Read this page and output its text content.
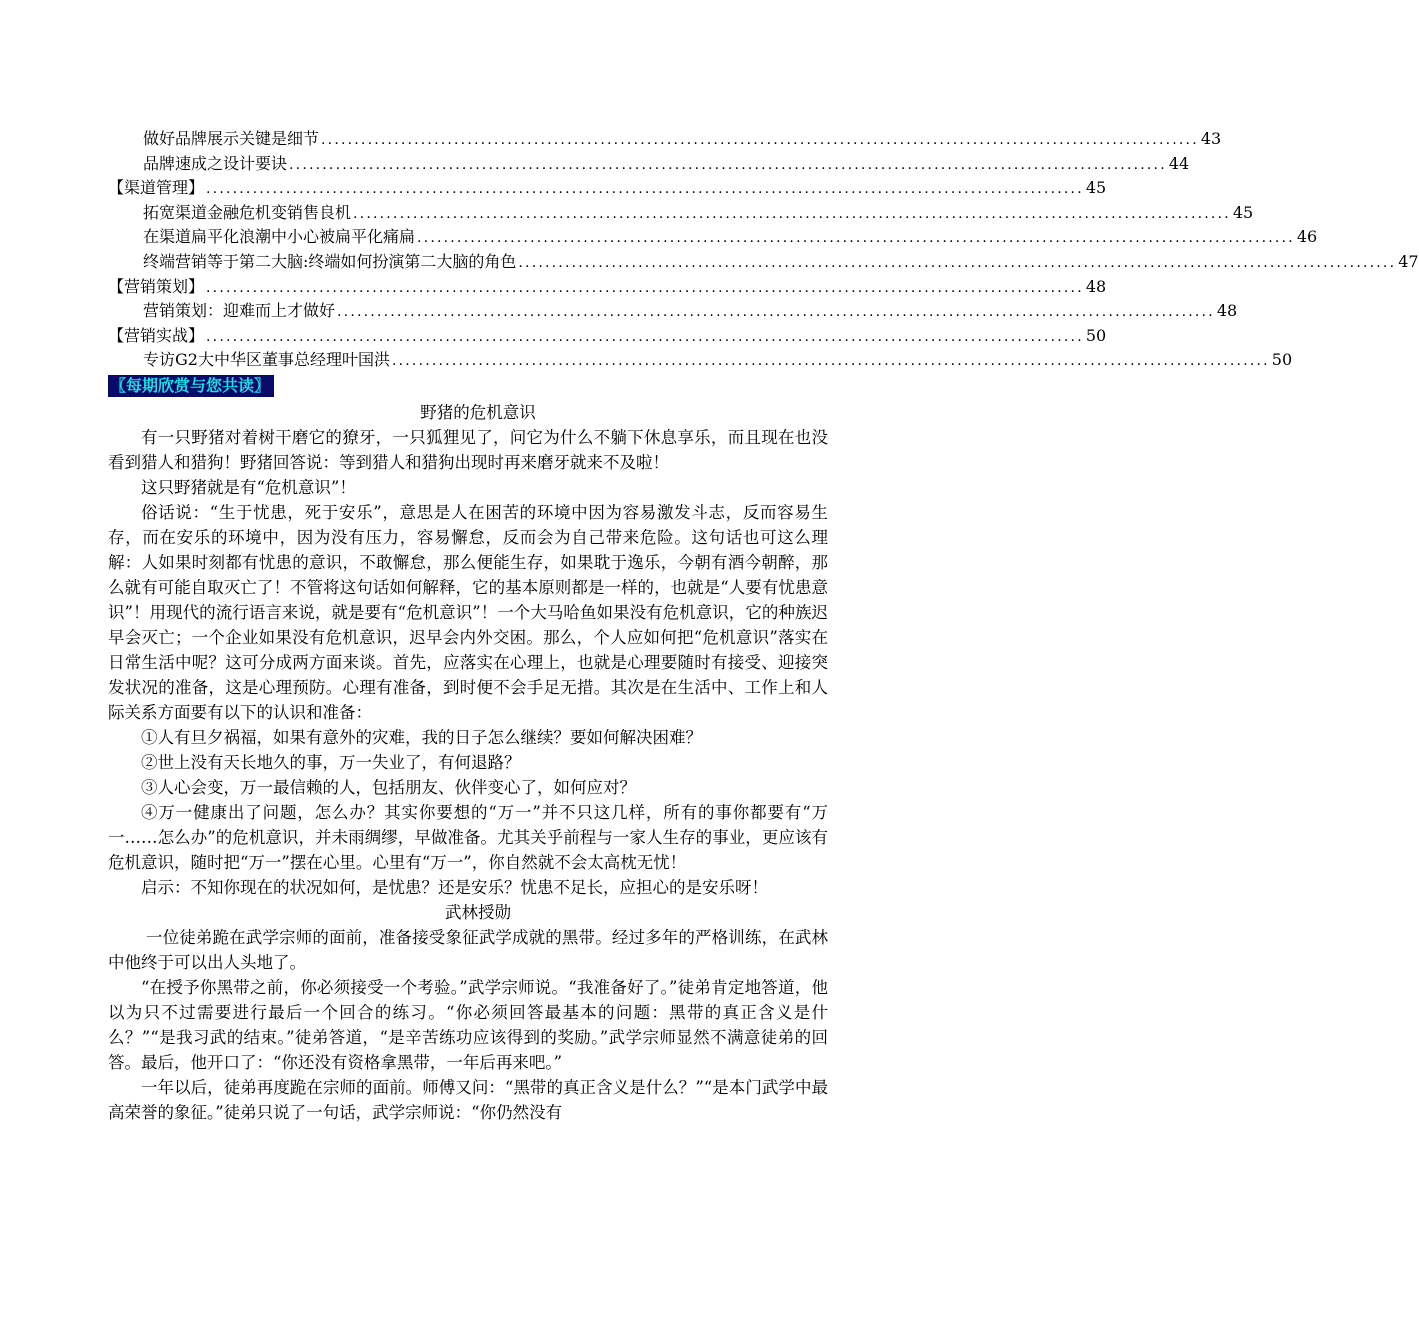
做好品牌展示关键是细节 .................................................................................................................................... 43
品牌速成之设计要诀 .................................................................................................................................... 44
【渠道管理】 .................................................................................................................................... 45
拓宽渠道金融危机变销售良机 .................................................................................................................................... 45
在渠道扁平化浪潮中小心被扁平化痛扁 .................................................................................................................................... 46
终端营销等于第二大脑:终端如何扮演第二大脑的角色 .................................................................................................................................... 47
【营销策划】 .................................................................................................................................... 48
营销策划：迎难而上才做好 .................................................................................................................................... 48
【营销实战】 .................................................................................................................................... 50
专访G2大中华区董事总经理叶国洪 .................................................................................................................................... 50
〖每期欣赏与您共读〗
野猪的危机意识

有一只野猪对着树干磨它的獠牙，一只狐狸见了，问它为什么不躺下休息享乐，而且现在也没看到猎人和猎狗！野猪回答说：等到猎人和猎狗出现时再来磨牙就来不及啦！

这只野猪就是有“危机意识”！

俗话说：“生于忧患，死于安乐”，意思是人在困苦的环境中因为容易激发斗志，反而容易生存，而在安乐的环境中，因为没有压力，容易懈怠，反而会为自己带来危险。这句话也可这么理解：人如果时刻都有忧患的意识，不敢懈怠，那么便能生存，如果耽于逸乐，今朝有酒今朝醉，那么就有可能自取灭亡了！不管将这句话如何解释，它的基本原则都是一样的，也就是“人要有忧患意识”！用现代的流行语言来说，就是要有“危机意识”！一个大马哈鱼如果没有危机意识，它的种族迟早会灭亡；一个企业如果没有危机意识，迟早会内外交困。那么，个人应如何把“危机意识”落实在日常生活中呢？这可分成两方面来谈。首先，应落实在心理上，也就是心理要随时有接受、迎接突发状况的准备，这是心理预防。心理有准备，到时便不会手足无措。其次是在生活中、工作上和人际关系方面要有以下的认识和准备：

①人有旦夕祸福，如果有意外的灾难，我的日子怎么继续？要如何解决困难？

②世上没有天长地久的事，万一失业了，有何退路？

③人心会变，万一最信赖的人，包括朋友、伙伴变心了，如何应对？

④万一健康出了问题，怎么办？其实你要想的“万一”并不只这几样，所有的事你都要有“万一……怎么办”的危机意识，并未雨绸缪，早做准备。尤其关乎前程与一家人生存的事业，更应该有危机意识，随时把“万一”摆在心里。心里有“万一”，你自然就不会太高枕无忧！

启示：不知你现在的状况如何，是忧患？还是安乐？忧患不足长，应担心的是安乐呀！

武林授勋

一位徒弟跪在武学宗师的面前，准备接受象征武学成就的黑带。经过多年的严格训练，在武林中他终于可以出人头地了。

“在授予你黑带之前，你必须接受一个考验。”武学宗师说。“我准备好了。”徒弟肯定地答道，他以为只不过需要进行最后一个回合的练习。“你必须回答最基本的问题：黑带的真正含义是什么？”“是我习武的结束。”徒弟答道，“是辛苦练功应该得到的奖励。”武学宗师显然不满意徒弟的回答。最后，他开口了：“你还没有资格拿黑带，一年后再来吧。”

一年以后，徒弟再度跪在宗师的面前。师傅又问：“黑带的真正含义是什么？”“是本门武学中最高荣誉的象征。”徒弟只说了一句话，武学宗师说：“你仍然没有
